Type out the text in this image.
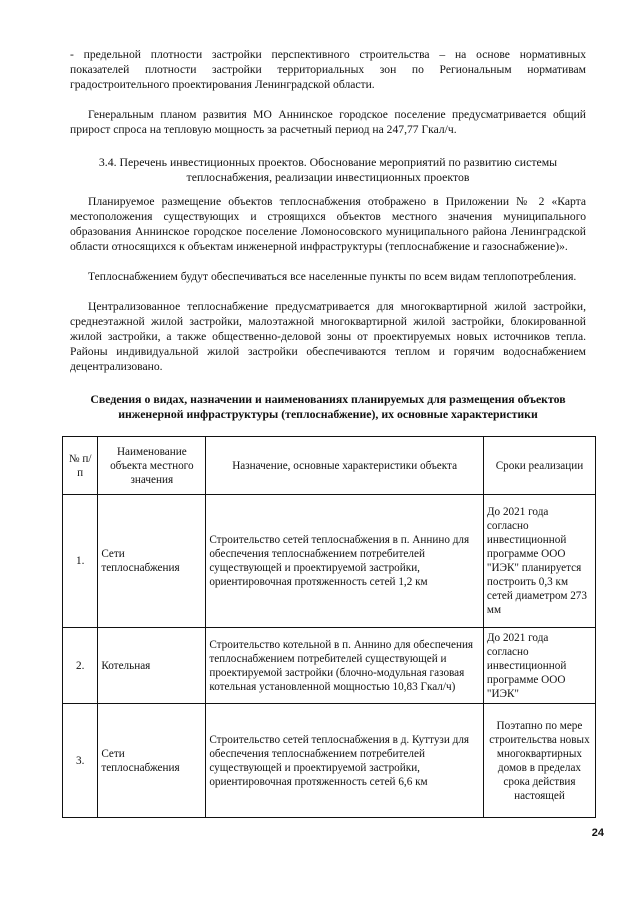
- предельной плотности застройки перспективного строительства – на основе нормативных показателей плотности застройки территориальных зон по Региональным нормативам градостроительного проектирования Ленинградской области.

Генеральным планом развития МО Аннинское городское поселение предусматривается общий прирост спроса на тепловую мощность за расчетный период на 247,77 Гкал/ч.

3.4. Перечень инвестиционных проектов. Обоснование мероприятий по развитию системы теплоснабжения, реализации инвестиционных проектов

Планируемое размещение объектов теплоснабжения отображено в Приложении № 2 «Карта местоположения существующих и строящихся объектов местного значения муниципального образования Аннинское городское поселение Ломоносовского муниципального района Ленинградской области относящихся к объектам инженерной инфраструктуры (теплоснабжение и газоснабжение)».

Теплоснабжением будут обеспечиваться все населенные пункты по всем видам теплопотребления.

Централизованное теплоснабжение предусматривается для многоквартирной жилой застройки, среднеэтажной жилой застройки, малоэтажной многоквартирной жилой застройки, блокированной жилой застройки, а также общественно-деловой зоны от проектируемых новых источников тепла. Районы индивидуальной жилой застройки обеспечиваются теплом и горячим водоснабжением децентрализовано.

Сведения о видах, назначении и наименованиях планируемых для размещения объектов инженерной инфраструктуры (теплоснабжение), их основные характеристики

№ п/п	Наименование объекта местного значения	Назначение, основные характеристики объекта	Сроки реализации
1.	Сети теплоснабжения	Строительство сетей теплоснабжения в п. Аннино для обеспечения теплоснабжением потребителей существующей и проектируемой застройки, ориентировочная протяженность сетей 1,2 км	До 2021 года согласно инвестиционной программе ООО "ИЭК" планируется построить 0,3 км сетей диаметром 273 мм
2.	Котельная	Строительство котельной в п. Аннино для обеспечения теплоснабжением потребителей существующей и проектируемой застройки (блочно-модульная газовая котельная установленной мощностью 10,83 Гкал/ч)	До 2021 года согласно инвестиционной программе ООО "ИЭК"
3.	Сети теплоснабжения	Строительство сетей теплоснабжения в д. Куттузи для обеспечения теплоснабжением потребителей существующей и проектируемой застройки, ориентировочная протяженность сетей 6,6 км	Поэтапно по мере строительства новых многоквартирных домов в пределах срока действия настоящей
24
